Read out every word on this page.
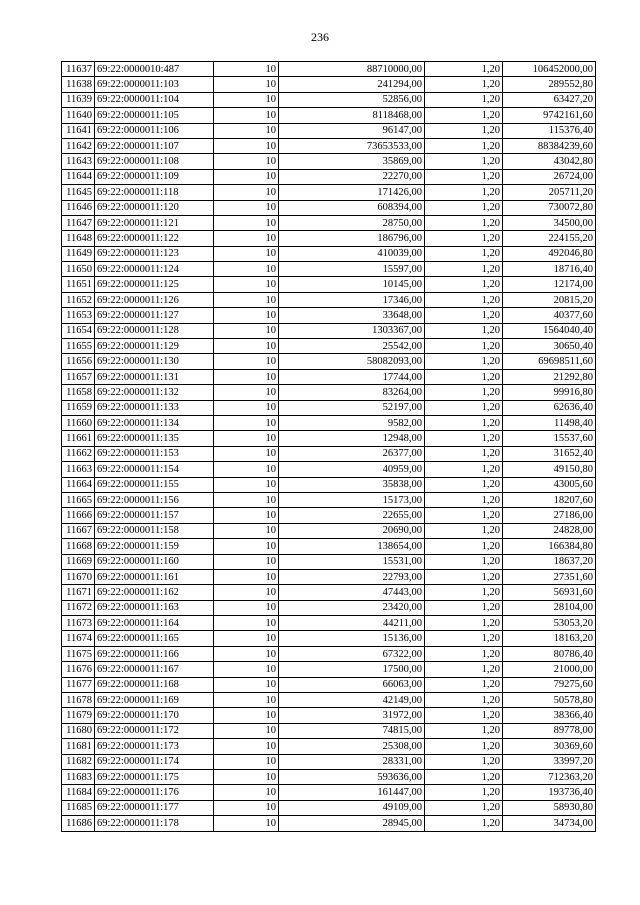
236
11637	69:22:0000010:487	10	88710000,00	1,20	106452000,00
11638	69:22:0000011:103	10	241294,00	1,20	289552,80
11639	69:22:0000011:104	10	52856,00	1,20	63427,20
11640	69:22:0000011:105	10	8118468,00	1,20	9742161,60
11641	69:22:0000011:106	10	96147,00	1,20	115376,40
11642	69:22:0000011:107	10	73653533,00	1,20	88384239,60
11643	69:22:0000011:108	10	35869,00	1,20	43042,80
11644	69:22:0000011:109	10	22270,00	1,20	26724,00
11645	69:22:0000011:118	10	171426,00	1,20	205711,20
11646	69:22:0000011:120	10	608394,00	1,20	730072,80
11647	69:22:0000011:121	10	28750,00	1,20	34500,00
11648	69:22:0000011:122	10	186796,00	1,20	224155,20
11649	69:22:0000011:123	10	410039,00	1,20	492046,80
11650	69:22:0000011:124	10	15597,00	1,20	18716,40
11651	69:22:0000011:125	10	10145,00	1,20	12174,00
11652	69:22:0000011:126	10	17346,00	1,20	20815,20
11653	69:22:0000011:127	10	33648,00	1,20	40377,60
11654	69:22:0000011:128	10	1303367,00	1,20	1564040,40
11655	69:22:0000011:129	10	25542,00	1,20	30650,40
11656	69:22:0000011:130	10	58082093,00	1,20	69698511,60
11657	69:22:0000011:131	10	17744,00	1,20	21292,80
11658	69:22:0000011:132	10	83264,00	1,20	99916,80
11659	69:22:0000011:133	10	52197,00	1,20	62636,40
11660	69:22:0000011:134	10	9582,00	1,20	11498,40
11661	69:22:0000011:135	10	12948,00	1,20	15537,60
11662	69:22:0000011:153	10	26377,00	1,20	31652,40
11663	69:22:0000011:154	10	40959,00	1,20	49150,80
11664	69:22:0000011:155	10	35838,00	1,20	43005,60
11665	69:22:0000011:156	10	15173,00	1,20	18207,60
11666	69:22:0000011:157	10	22655,00	1,20	27186,00
11667	69:22:0000011:158	10	20690,00	1,20	24828,00
11668	69:22:0000011:159	10	138654,00	1,20	166384,80
11669	69:22:0000011:160	10	15531,00	1,20	18637,20
11670	69:22:0000011:161	10	22793,00	1,20	27351,60
11671	69:22:0000011:162	10	47443,00	1,20	56931,60
11672	69:22:0000011:163	10	23420,00	1,20	28104,00
11673	69:22:0000011:164	10	44211,00	1,20	53053,20
11674	69:22:0000011:165	10	15136,00	1,20	18163,20
11675	69:22:0000011:166	10	67322,00	1,20	80786,40
11676	69:22:0000011:167	10	17500,00	1,20	21000,00
11677	69:22:0000011:168	10	66063,00	1,20	79275,60
11678	69:22:0000011:169	10	42149,00	1,20	50578,80
11679	69:22:0000011:170	10	31972,00	1,20	38366,40
11680	69:22:0000011:172	10	74815,00	1,20	89778,00
11681	69:22:0000011:173	10	25308,00	1,20	30369,60
11682	69:22:0000011:174	10	28331,00	1,20	33997,20
11683	69:22:0000011:175	10	593636,00	1,20	712363,20
11684	69:22:0000011:176	10	161447,00	1,20	193736,40
11685	69:22:0000011:177	10	49109,00	1,20	58930,80
11686	69:22:0000011:178	10	28945,00	1,20	34734,00
